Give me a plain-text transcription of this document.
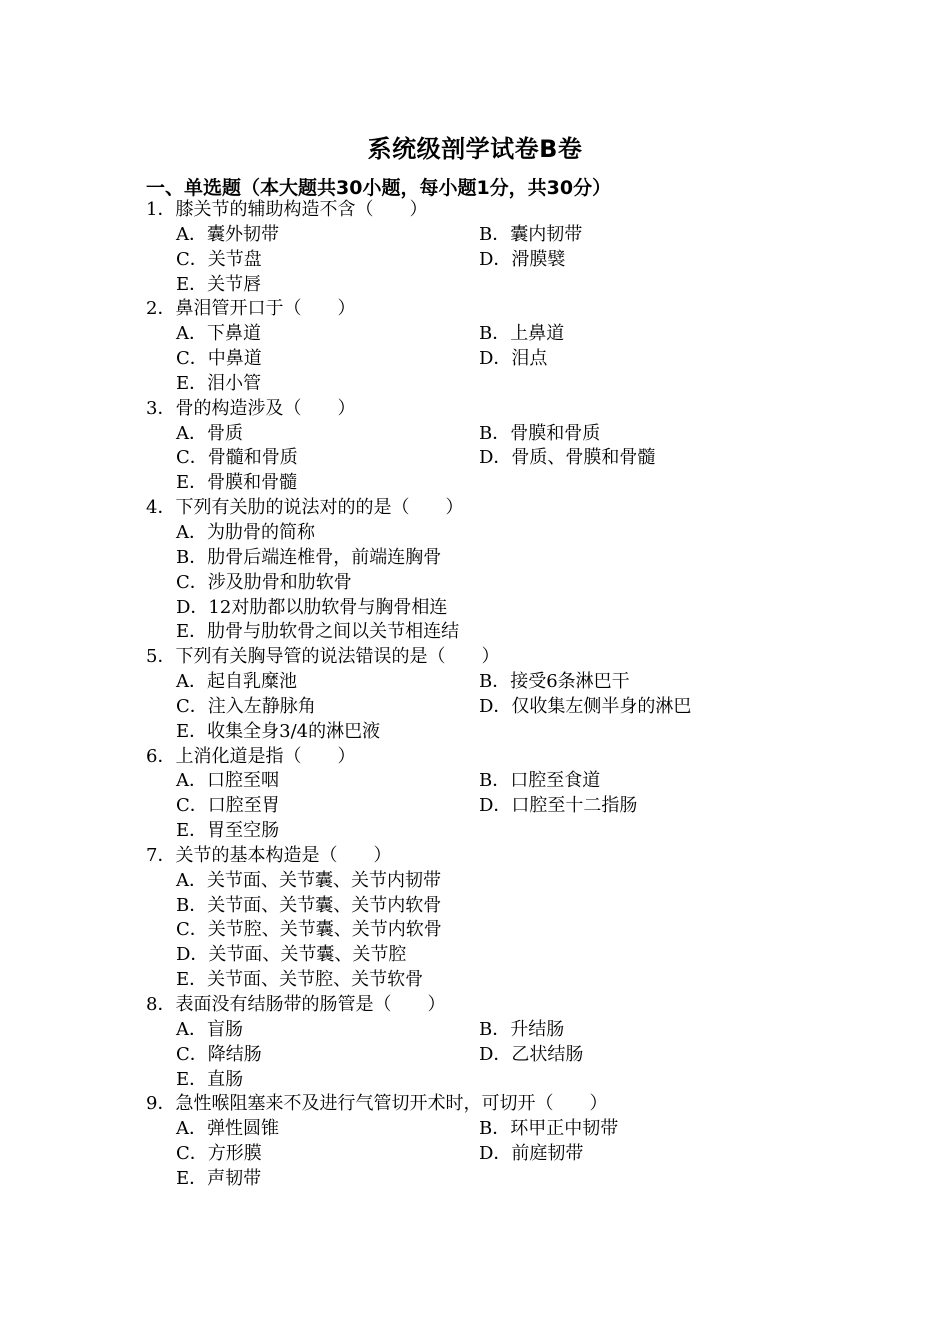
系统级剖学试卷B卷
一、单选题（本大题共30小题，每小题1分，共30分）
1．膝关节的辅助构造不含（　　）
A．囊外韧带	B．囊内韧带
C．关节盘	D．滑膜襞
E．关节唇
2．鼻泪管开口于（　　）
A．下鼻道	B．上鼻道
C．中鼻道	D．泪点
E．泪小管
3．骨的构造涉及（　　）
A．骨质	B．骨膜和骨质
C．骨髓和骨质	D．骨质、骨膜和骨髓
E．骨膜和骨髓
4．下列有关肋的说法对的的是（　　）
A．为肋骨的简称
B．肋骨后端连椎骨，前端连胸骨
C．涉及肋骨和肋软骨
D．12对肋都以肋软骨与胸骨相连
E．肋骨与肋软骨之间以关节相连结
5．下列有关胸导管的说法错误的是（　　）
A．起自乳糜池	B．接受6条淋巴干
C．注入左静脉角	D．仅收集左侧半身的淋巴
E．收集全身3/4的淋巴液
6．上消化道是指（　　）
A．口腔至咽	B．口腔至食道
C．口腔至胃	D．口腔至十二指肠
E．胃至空肠
7．关节的基本构造是（　　）
A．关节面、关节囊、关节内韧带
B．关节面、关节囊、关节内软骨
C．关节腔、关节囊、关节内软骨
D．关节面、关节囊、关节腔
E．关节面、关节腔、关节软骨
8．表面没有结肠带的肠管是（　　）
A．盲肠	B．升结肠
C．降结肠	D．乙状结肠
E．直肠
9．急性喉阻塞来不及进行气管切开术时，可切开（　　）
A．弹性圆锥	B．环甲正中韧带
C．方形膜	D．前庭韧带
E．声韧带
